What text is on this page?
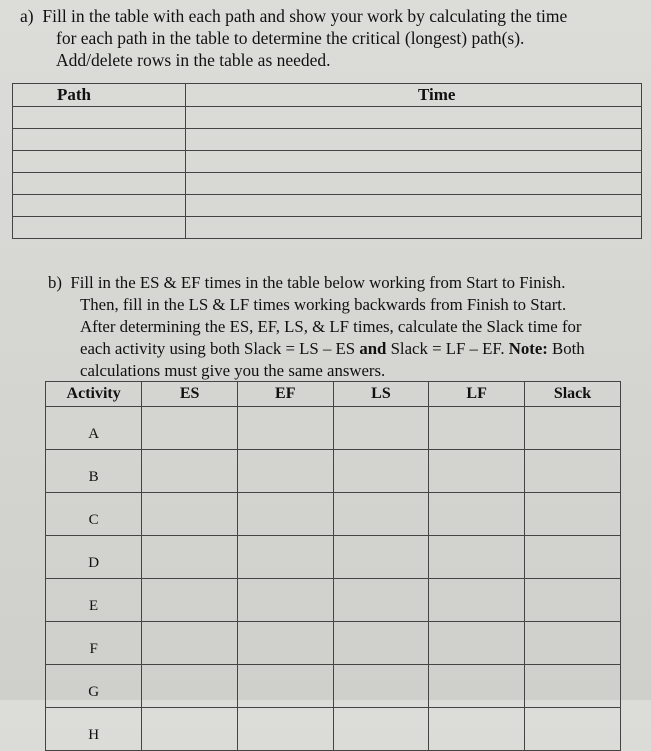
a) Fill in the table with each path and show your work by calculating the time
for each path in the table to determine the critical (longest) path(s).
Add/delete rows in the table as needed.
Path	Time

b) Fill in the ES & EF times in the table below working from Start to Finish.
Then, fill in the LS & LF times working backwards from Finish to Start.
After determining the ES, EF, LS, & LF times, calculate the Slack time for
each activity using both Slack = LS – ES and Slack = LF – EF. Note: Both
calculations must give you the same answers.
Activity	ES	EF	LS	LF	Slack
A					
B					
C					
D					
E					
F					
G					
H					
